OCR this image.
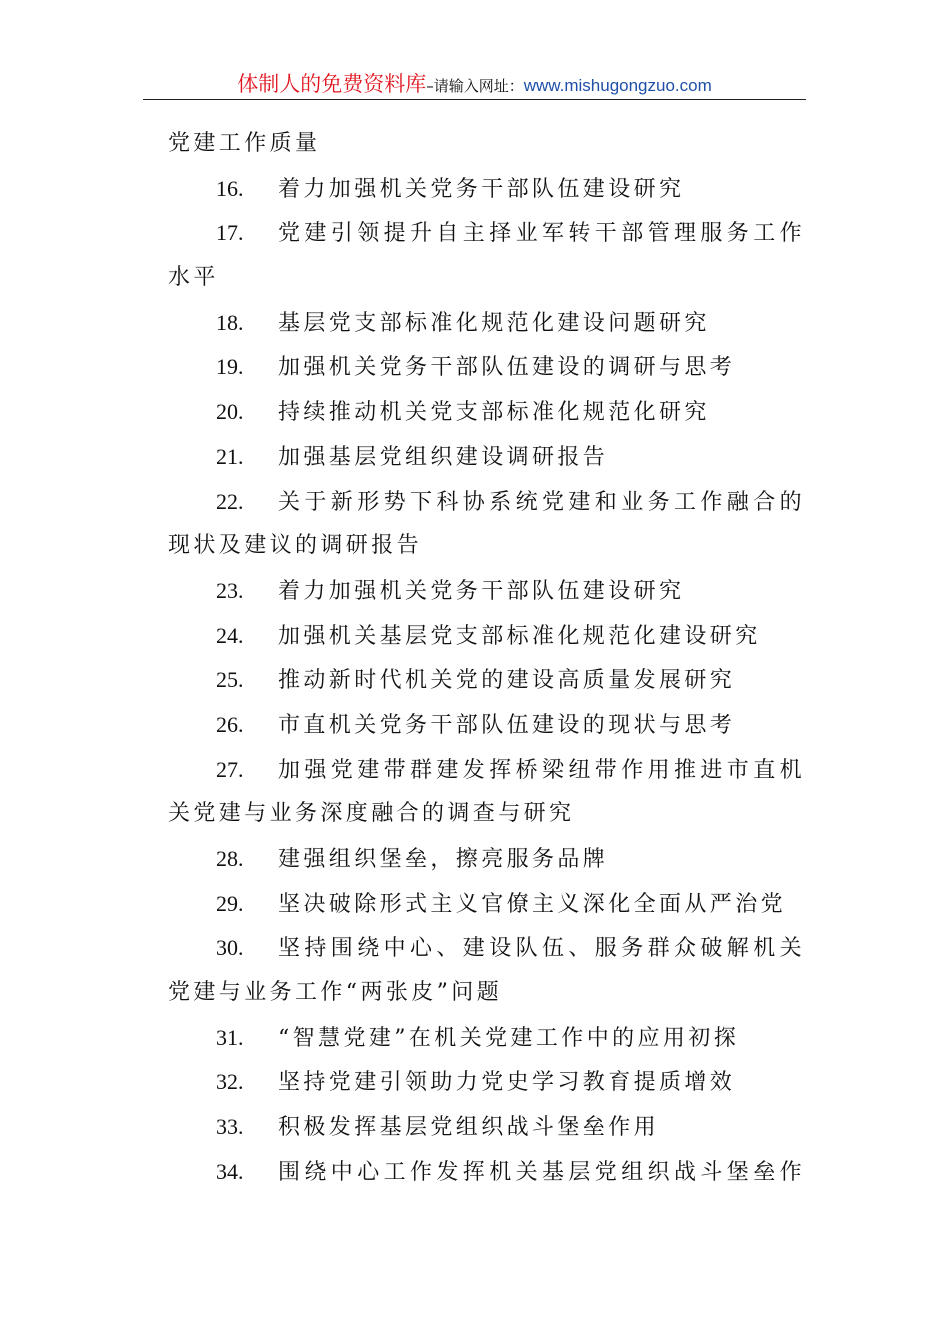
体制人的免费资料库–请输入网址：www.mishugongzuo.com
党建工作质量
16. 着力加强机关党务干部队伍建设研究
17. 党建引领提升自主择业军转干部管理服务工作
水平
18. 基层党支部标准化规范化建设问题研究
19. 加强机关党务干部队伍建设的调研与思考
20. 持续推动机关党支部标准化规范化研究
21. 加强基层党组织建设调研报告
22. 关于新形势下科协系统党建和业务工作融合的
现状及建议的调研报告
23. 着力加强机关党务干部队伍建设研究
24. 加强机关基层党支部标准化规范化建设研究
25. 推动新时代机关党的建设高质量发展研究
26. 市直机关党务干部队伍建设的现状与思考
27. 加强党建带群建发挥桥梁纽带作用推进市直机
关党建与业务深度融合的调查与研究
28. 建强组织堡垒，擦亮服务品牌
29. 坚决破除形式主义官僚主义深化全面从严治党
30. 坚持围绕中心、建设队伍、服务群众破解机关
党建与业务工作“两张皮”问题
31. “智慧党建”在机关党建工作中的应用初探
32. 坚持党建引领助力党史学习教育提质增效
33. 积极发挥基层党组织战斗堡垒作用
34. 围绕中心工作发挥机关基层党组织战斗堡垒作
